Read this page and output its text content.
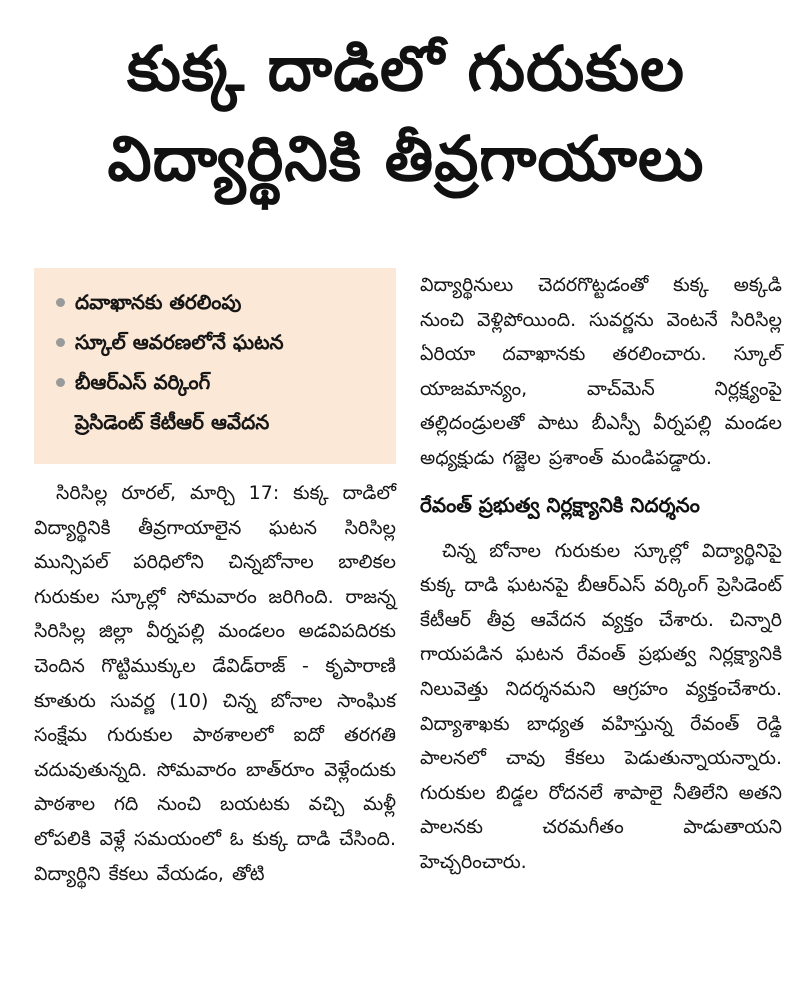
కుక్క దాడిలో గురుకుల
విద్యార్థినికి తీవ్రగాయాలు
దవాఖానకు తరలింపు
స్కూల్ ఆవరణలోనే ఘటన
బీఆర్ఎస్ వర్కింగ్
ప్రెసిడెంట్ కేటీఆర్ ఆవేదన

సిరిసిల్ల రూరల్, మార్చి 17: కుక్క దాడిలో విద్యార్థినికి తీవ్రగాయాలైన ఘటన సిరిసిల్ల మున్సిపల్ పరిధిలోని చిన్నబోనాల బాలికల గురుకుల స్కూల్లో సోమవారం జరిగింది. రాజన్న సిరిసిల్ల జిల్లా వీర్నపల్లి మండలం అడవిపదిరకు చెందిన గొట్టిముక్కుల డేవిడ్‌రాజ్ - కృపారాణి కూతురు సువర్ణ (10) చిన్న బోనాల సాంఘిక సంక్షేమ గురుకుల పాఠశాలలో ఐదో తరగతి చదువుతున్నది. సోమవారం బాత్‌రూం వెళ్లేందుకు పాఠశాల గది నుంచి బయటకు వచ్చి మళ్లీ లోపలికి వెళ్లే సమయంలో ఓ కుక్క దాడి చేసింది. విద్యార్థిని కేకలు వేయడం, తోటి

విద్యార్థినులు చెదరగొట్టడంతో కుక్క అక్కడి నుంచి వెళ్లిపోయింది. సువర్ణను వెంటనే సిరిసిల్ల ఏరియా దవాఖానకు తరలించారు. స్కూల్ యాజమాన్యం, వాచ్‌మెన్ నిర్లక్ష్యంపై తల్లిదండ్రులతో పాటు బీఎస్పీ వీర్నపల్లి మండల అధ్యక్షుడు గజ్జెల ప్రశాంత్ మండిపడ్డారు.

రేవంత్ ప్రభుత్వ నిర్లక్ష్యానికి నిదర్శనం

చిన్న బోనాల గురుకుల స్కూల్లో విద్యార్థినిపై కుక్క దాడి ఘటనపై బీఆర్ఎస్ వర్కింగ్ ప్రెసిడెంట్ కేటీఆర్ తీవ్ర ఆవేదన వ్యక్తం చేశారు. చిన్నారి గాయపడిన ఘటన రేవంత్ ప్రభుత్వ నిర్లక్ష్యానికి నిలువెత్తు నిదర్శనమని ఆగ్రహం వ్యక్తంచేశారు. విద్యాశాఖకు బాధ్యత వహిస్తున్న రేవంత్ రెడ్డి పాలనలో చావు కేకలు పెడుతున్నాయన్నారు. గురుకుల బిడ్డల రోదనలే శాపాలై నీతిలేని అతని పాలనకు చరమగీతం పాడుతాయని హెచ్చరించారు.
